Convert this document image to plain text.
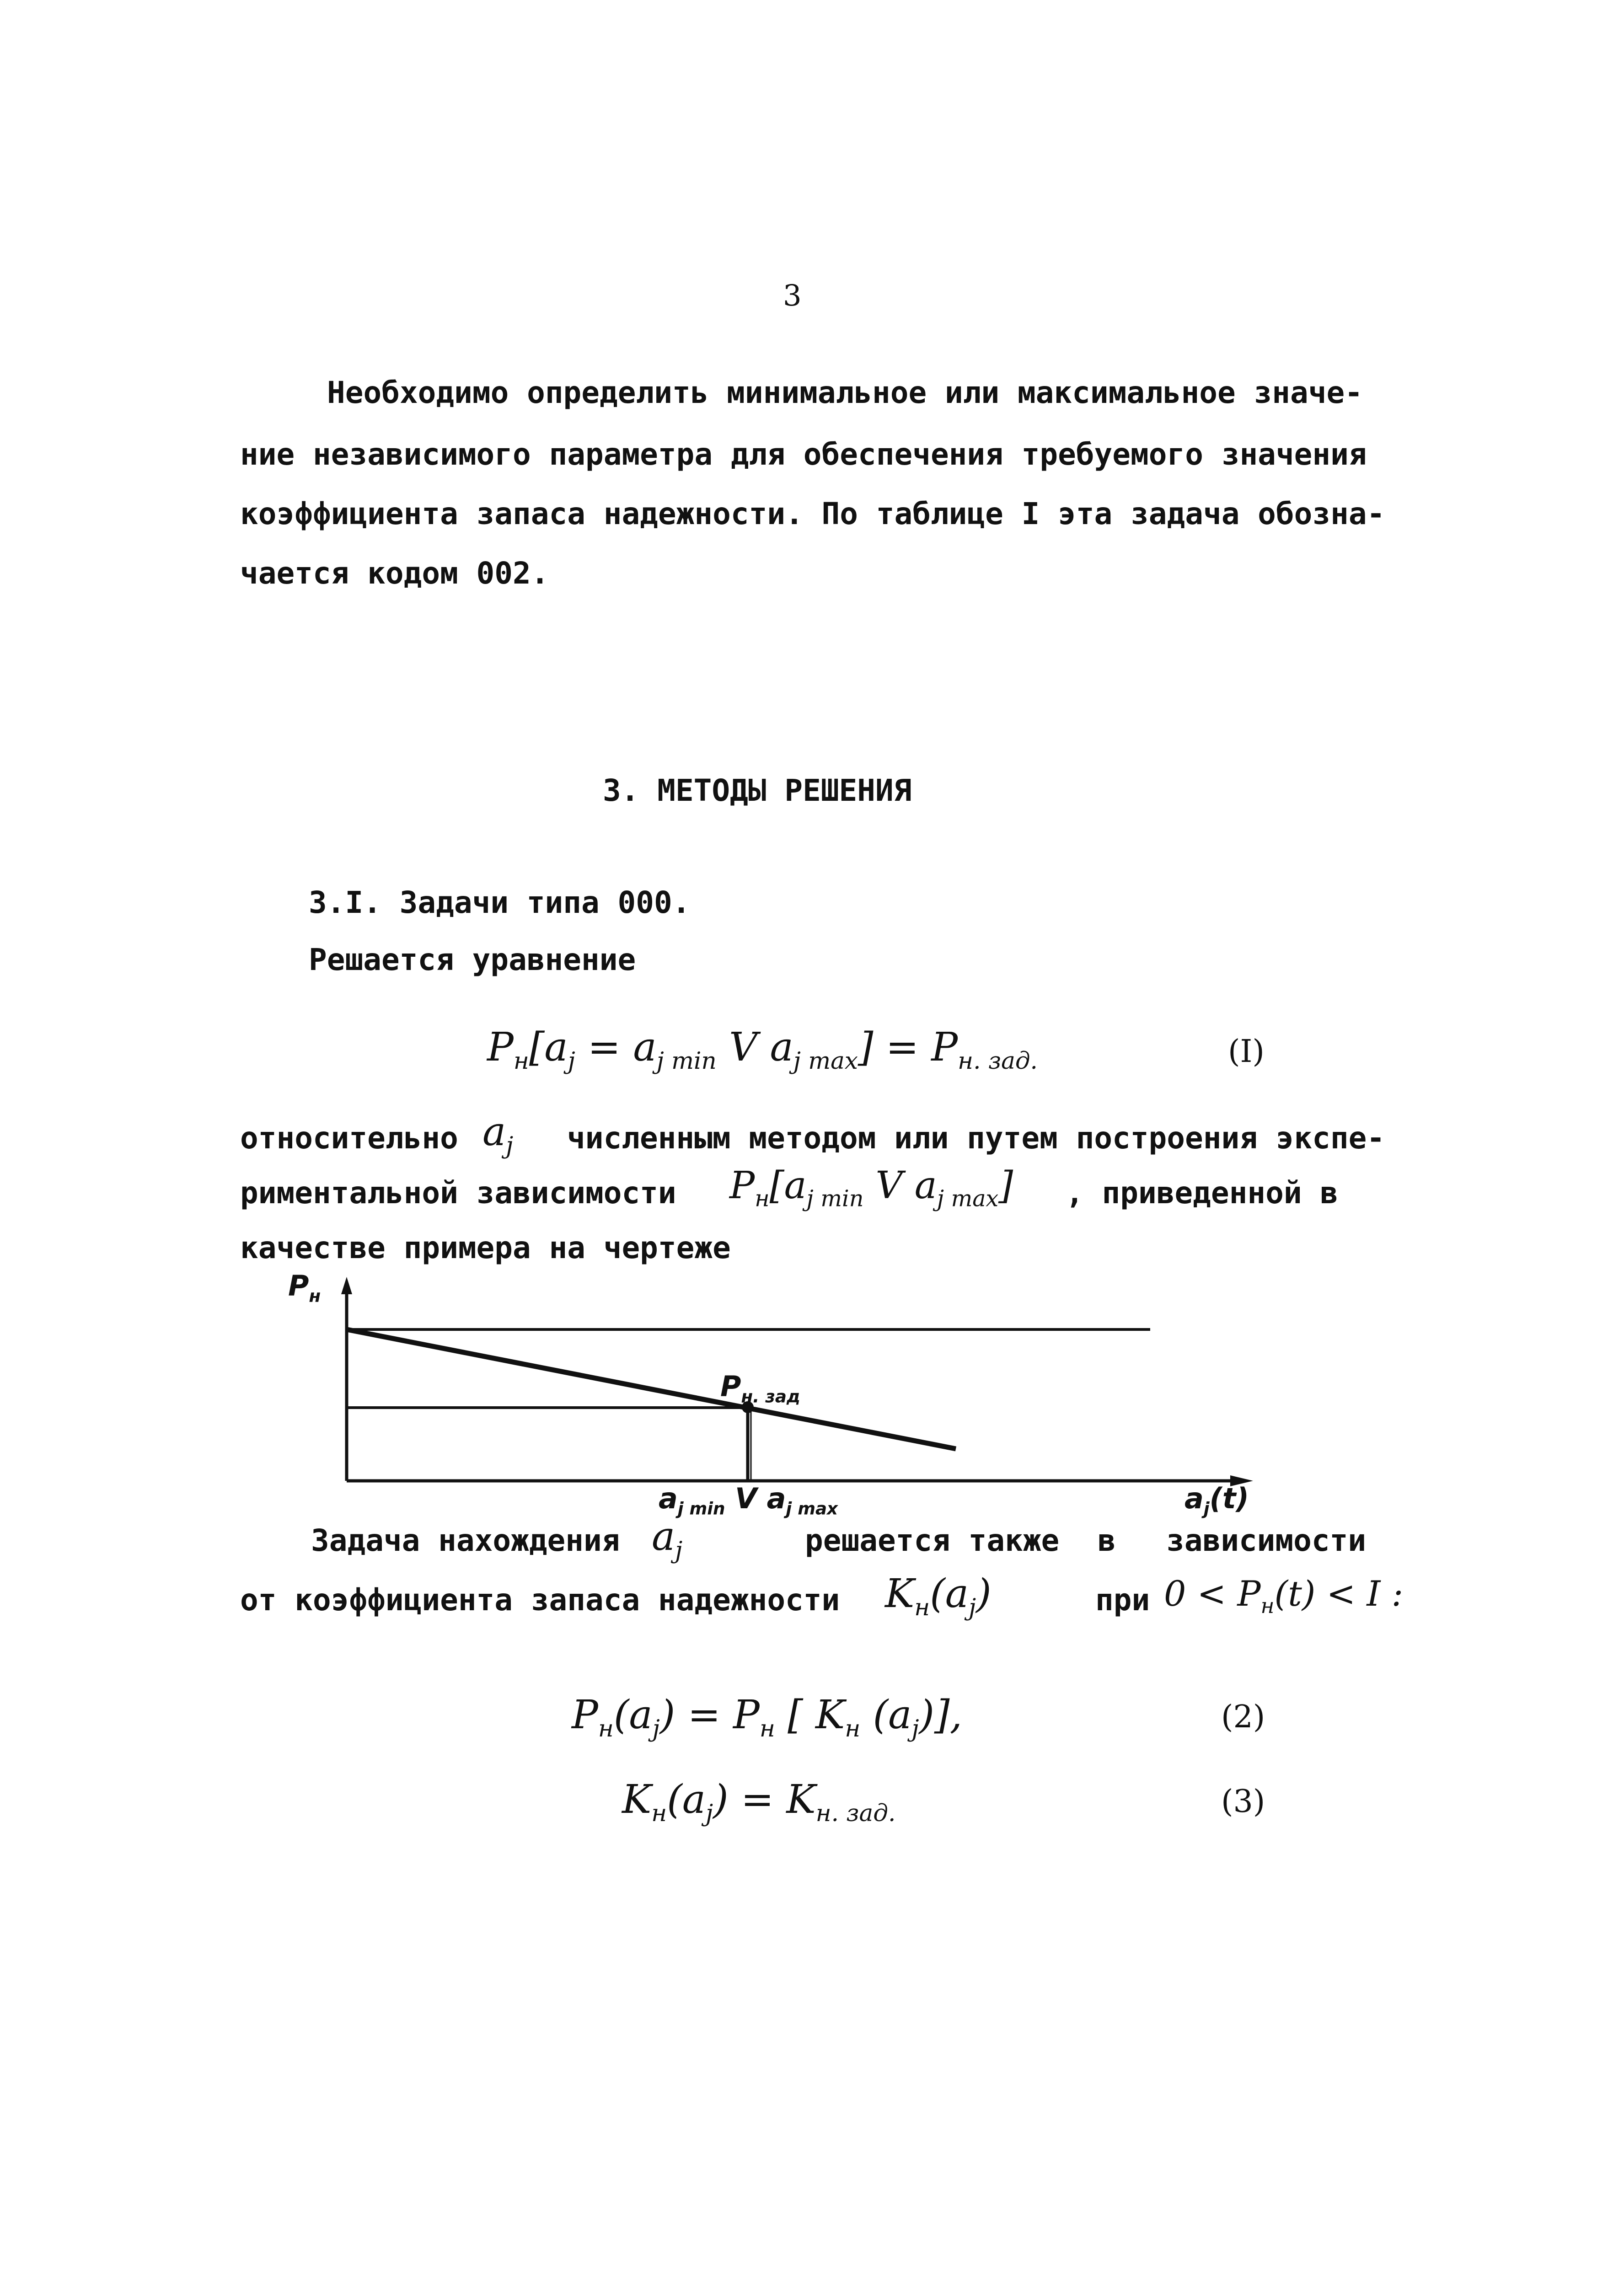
3
Необходимо определить минимальное или максимальное значе-
ние независимого параметра для обеспечения требуемого значения
коэффициента запаса надежности. По таблице I эта задача обозна-
чается кодом 002.
3. МЕТОДЫ РЕШЕНИЯ
3.I. Задачи типа 000.
Решается уравнение
$P_н[a_j = a_{j min}$ V $a_{j max}] = P_{н. зад.}$	(I)
относительно $a_j$ численным методом или путем построения экспе-
риментальной зависимости $P_н[a_{j min}$ V $a_{j max}$] , приведенной в
качестве примера на чертеже
$P_н$
$P_{н. зад}$
$a_{j min}$ V $a_{j max}$	$a_j(t)$
Задача нахождения $a_j$	решается также в зависимости
от коэффициента запаса надежности $K_н(a_j)$	при $0 < P_н(t) < I$ :
$P_н(a_j) = P_н$ [ $K_н$ $(a_j)$],	(2)
$K_н(a_j) = K_{н. зад.}$	(3)
